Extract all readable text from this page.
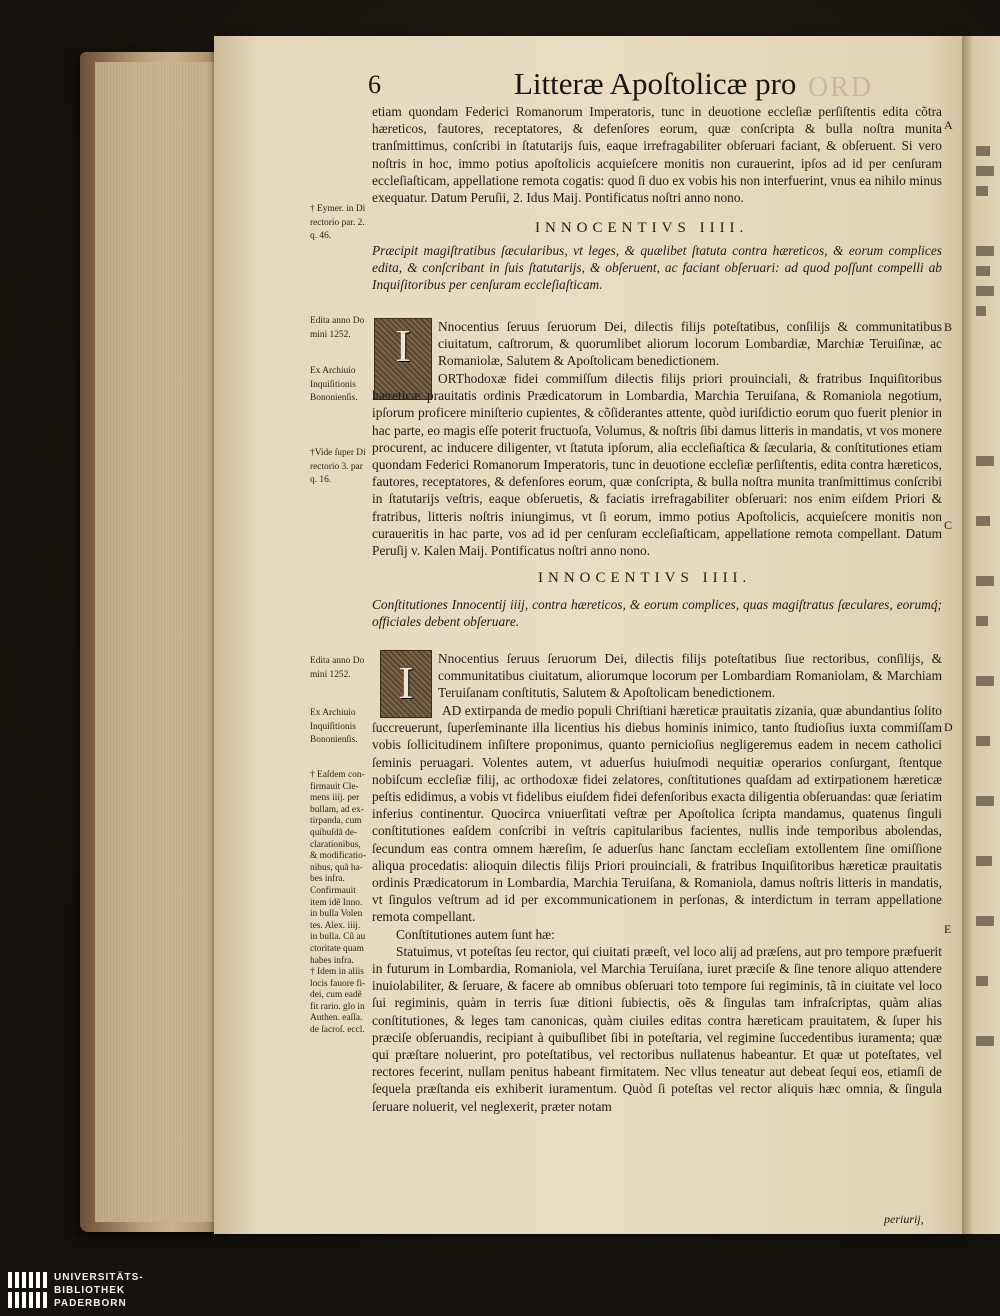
6	Litteræ Apoſtolicæ pro ORD

etiam quondam Federici Romanorum Imperatoris, tunc in deuotione eccleſiæ perſiſtentis edita cõtra hæreticos, fautores, receptatores, & defenſores eorum, quæ conſcripta & bulla noſtra munita tranſmittimus, conſcribi in ſtatutarijs ſuis, eaque irrefragabiliter obſeruari faciant, & obſeruent. Si vero noſtris in hoc, immo potius apoſtolicis acquieſcere monitis non curauerint, ipſos ad id per cenſuram eccleſiaſticam, appellatione remota cogatis: quod ſi duo ex vobis his non interfuerint, vnus ea nihilo minus exequatur. Datum Peruſii, 2. Idus Maij. Pontificatus noſtri anno nono.

INNOCENTIVS IIII.
Præcipit magiſtratibus ſæcularibus, vt leges, & quælibet ſtatuta contra hæreticos, & eorum complices edita, & conſcribant in ſuis ſtatutarijs, & obſeruent, ac faciant obſeruari: ad quod poſſunt compelli ab Inquiſitoribus per cenſuram eccleſiaſticam.
I	Nnocentius ſeruus ſeruorum Dei, dilectis filijs poteſtatibus, conſilijs & communitatibus ciuitatum, caſtrorum, & quorumlibet aliorum locorum Lombardiæ, Marchiæ Teruiſinæ, ac Romaniolæ, Salutem & Apoſtolicam benedictionem.

ORThodoxæ fidei commiſſum dilectis filijs priori prouinciali, & fratribus Inquiſitoribus hæreticæ prauitatis ordinis Prædicatorum in Lombardia, Marchia Teruiſana, & Romaniola negotium, ipſorum proficere miniſterio cupientes, & cõſiderantes attente, quòd iuriſdictio eorum quo fuerit plenior in hac parte, eo magis eſſe poterit fructuoſa, Volumus, & noſtris ſibi damus litteris in mandatis, vt vos monere procurent, ac inducere diligenter, vt ſtatuta ipſorum, alia eccleſiaſtica & ſæcularia, & conſtitutiones etiam quondam Federici Romanorum Imperatoris, tunc in deuotione eccleſiæ perſiſtentis, edita contra hæreticos, fautores, receptatores, & defenſores eorum, quæ conſcripta, & bulla noſtra munita tranſmittimus conſcribi in ſtatutarijs veſtris, eaque obſeruetis, & faciatis irrefragabiliter obſeruari: nos enim eiſdem Priori & fratribus, litteris noſtris iniungimus, vt ſi eorum, immo potius Apoſtolicis, acquieſcere monitis non curaueritis in hac parte, vos ad id per cenſuram eccleſiaſticam, appellatione remota compellant. Datum Peruſij v. Kalen Maij. Pontificatus noſtri anno nono.

INNOCENTIVS IIII.
Conſtitutiones Innocentij iiij, contra hæreticos, & eorum complices, quas magiſtratus ſæculares, eorumq́; officiales debent obſeruare.
I	Nnocentius ſeruus ſeruorum Dei, dilectis filijs poteſtatibus ſiue rectoribus, conſilijs, & communitatibus ciuitatum, aliorumque locorum per Lombardiam Romaniolam, & Marchiam Teruiſanam conſtitutis, Salutem & Apoſtolicam benedictionem.

AD extirpanda de medio populi Chriſtiani hæreticæ prauitatis zizania, quæ abundantius ſolito ſuccreuerunt, ſuperſeminante illa licentius his diebus hominis inimico, tanto ſtudioſius iuxta commiſſam vobis ſollicitudinem inſiſtere proponimus, quanto pernicioſius negligeremus eadem in necem catholici ſeminis peruagari. Volentes autem, vt aduerſus huiuſmodi nequitiæ operarios conſurgant, ſtentque nobiſcum eccleſiæ filij, ac orthodoxæ fidei zelatores, conſtitutiones quaſdam ad extirpationem hæreticæ peſtis edidimus, a vobis vt fidelibus eiuſdem fidei defenſoribus exacta diligentia obſeruandas: quæ ſeriatim inferius continentur. Quocirca vniuerſitati veſtræ per Apoſtolica ſcripta mandamus, quatenus ſinguli conſtitutiones eaſdem conſcribi in veſtris capitularibus facientes, nullis inde temporibus abolendas, ſecundum eas contra omnem hæreſim, ſe aduerſus hanc ſanctam eccleſiam extollentem ſine omiſſione aliqua procedatis: alioquin dilectis filijs Priori prouinciali, & fratribus Inquiſitoribus hæreticæ prauitatis ordinis Prædicatorum in Lombardia, Marchia Teruiſana, & Romaniola, damus noſtris litteris in mandatis, vt ſingulos veſtrum ad id per excommunicationem in perſonas, & interdictum in terram appellatione remota compellant.

Conſtitutiones autem ſunt hæ:

Statuimus, vt poteſtas ſeu rector, qui ciuitati præeſt, vel loco alij ad præſens, aut pro tempore præfuerit in futurum in Lombardia, Romaniola, vel Marchia Teruiſana, iuret præciſe & ſine tenore aliquo attendere inuiolabiliter, & ſeruare, & facere ab omnibus obſeruari toto tempore ſui regiminis, tã in ciuitate vel loco ſui regiminis, quàm in terris ſuæ ditioni ſubiectis, oẽs & ſingulas tam infraſcriptas, quàm alias conſtitutiones, & leges tam canonicas, quàm ciuiles editas contra hæreticam prauitatem, & ſuper his præciſe obſeruandis, recipiant à quibuſlibet ſibi in poteſtaria, vel regimine ſuccedentibus iuramenta; quæ qui præſtare noluerint, pro poteſtatibus, vel rectoribus nullatenus habeantur. Et quæ ut poteſtates, vel rectores fecerint, nullam penitus habeant firmitatem. Nec vllus teneatur aut debeat ſequi eos, etiamſi de ſequela præſtanda eis exhiberit iuramentum. Quòd ſi poteſtas vel rector aliquis hæc omnia, & ſingula ſeruare noluerit, vel neglexerit, præter notam

periurij,
A
B
C
D
E

† Eymer. in Di

rectorio par. 2.

q. 46.

Edita anno Do

mini 1252.

Ex Archiuio

Inquiſitionis

Bononienſis.

†Vide ſuper Di

rectorio 3. par

q. 16.

Edita anno Do

mini 1252.

Ex Archiuio

Inquiſitionis

Bononienſis.

† Eaſdem con-

firmauit Cle-

mens iiij. per

bullam, ad ex-

tirpanda, cum

quibuſdã de-

clarationibus,

& modificatio-

nibus, quã ha-

bes infra.

Confirmauit

item idẽ Inno.

in bulla Volen

tes. Alex. iiij.

in bulla. Cũ au

ctoritate quam

habes infra.

† Idem in aliis

locis fauore fi-

dei, cum eadẽ

fit rario. glo in

Authen. eaſſa.

de ſacroſ. eccl.

UNIVERSITÄTS-
BIBLIOTHEK
PADERBORN
